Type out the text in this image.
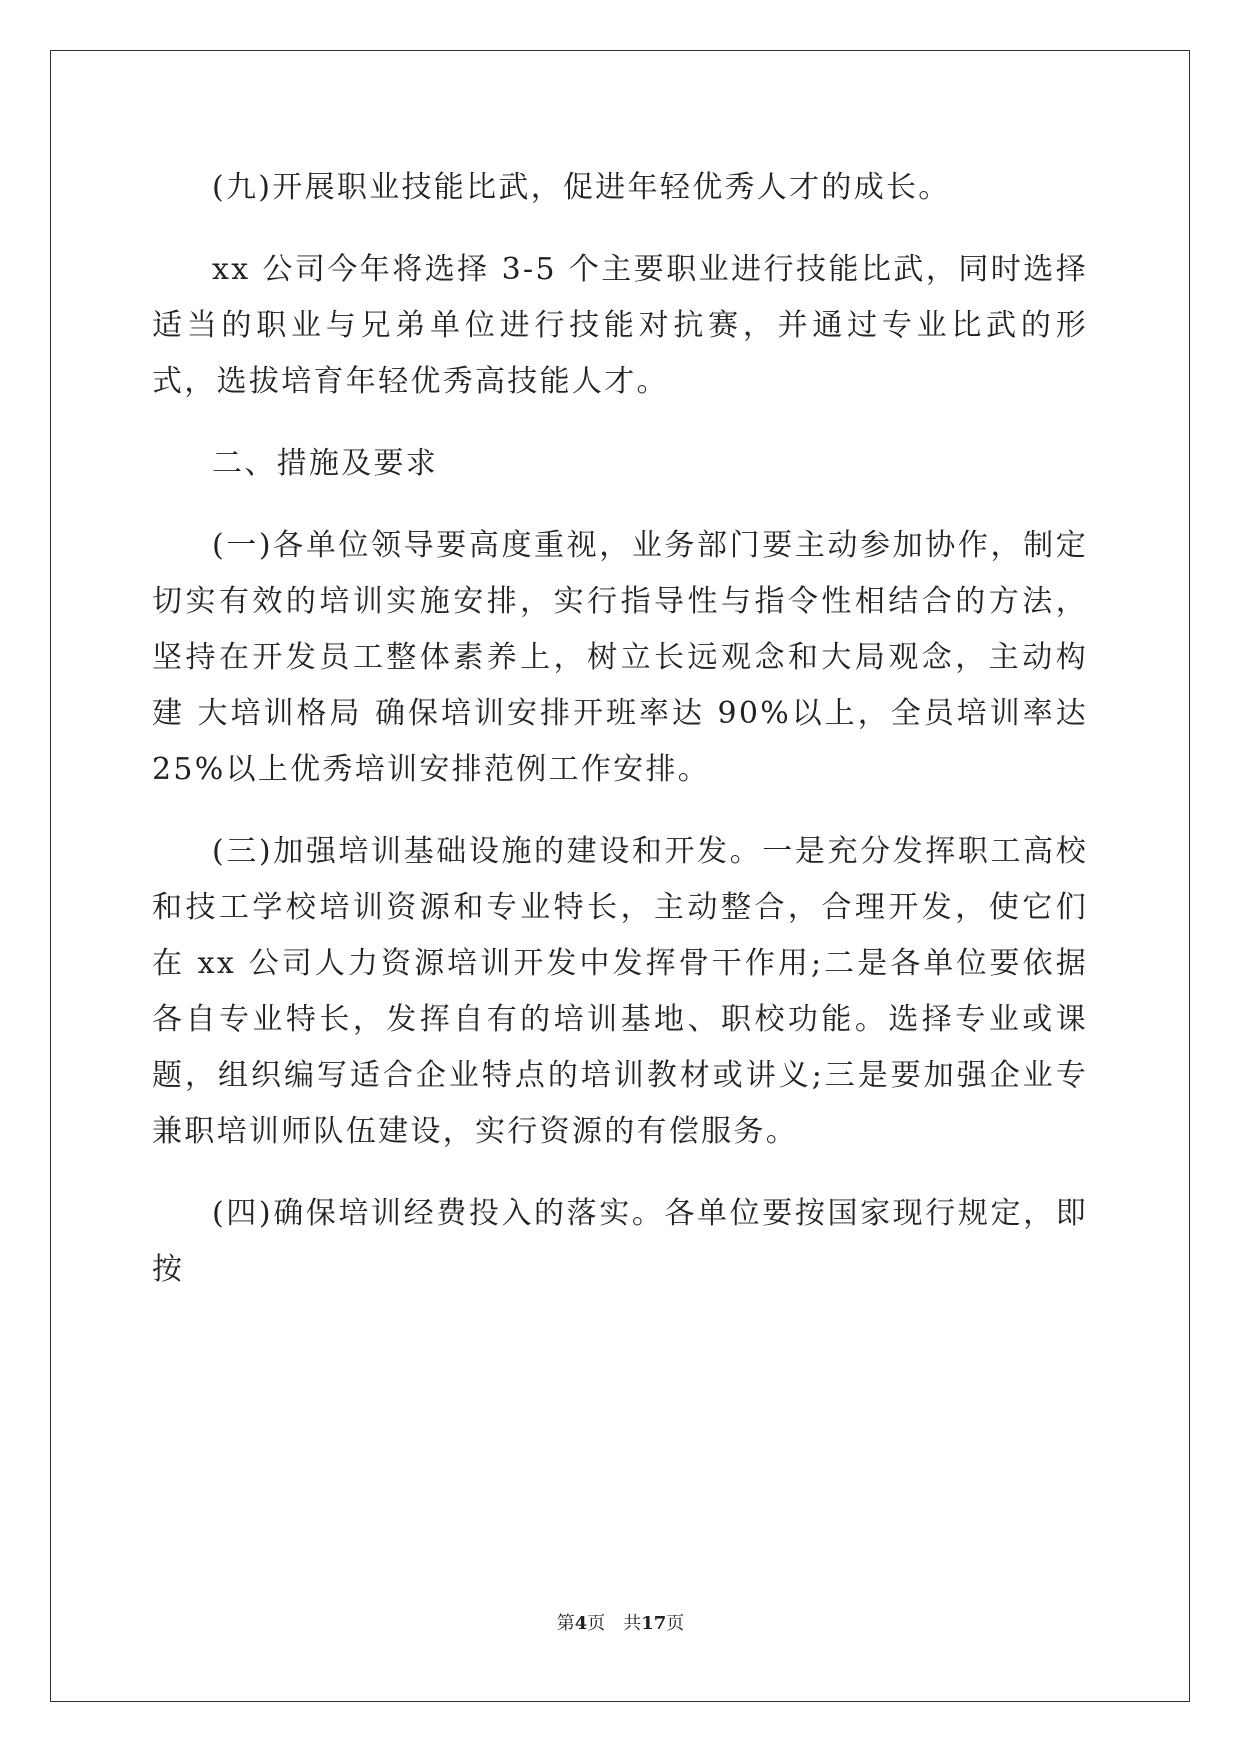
(九)开展职业技能比武，促进年轻优秀人才的成长。

xx 公司今年将选择 3-5 个主要职业进行技能比武，同时选择适当的职业与兄弟单位进行技能对抗赛，并通过专业比武的形式，选拔培育年轻优秀高技能人才。

二、措施及要求

(一)各单位领导要高度重视，业务部门要主动参加协作，制定切实有效的培训实施安排，实行指导性与指令性相结合的方法，坚持在开发员工整体素养上，树立长远观念和大局观念，主动构建 大培训格局 确保培训安排开班率达 90%以上，全员培训率达 25%以上优秀培训安排范例工作安排。

(三)加强培训基础设施的建设和开发。一是充分发挥职工高校和技工学校培训资源和专业特长，主动整合，合理开发，使它们在 xx 公司人力资源培训开发中发挥骨干作用;二是各单位要依据各自专业特长，发挥自有的培训基地、职校功能。选择专业或课题，组织编写适合企业特点的培训教材或讲义;三是要加强企业专兼职培训师队伍建设，实行资源的有偿服务。

(四)确保培训经费投入的落实。各单位要按国家现行规定，即按

第4页 共17页
